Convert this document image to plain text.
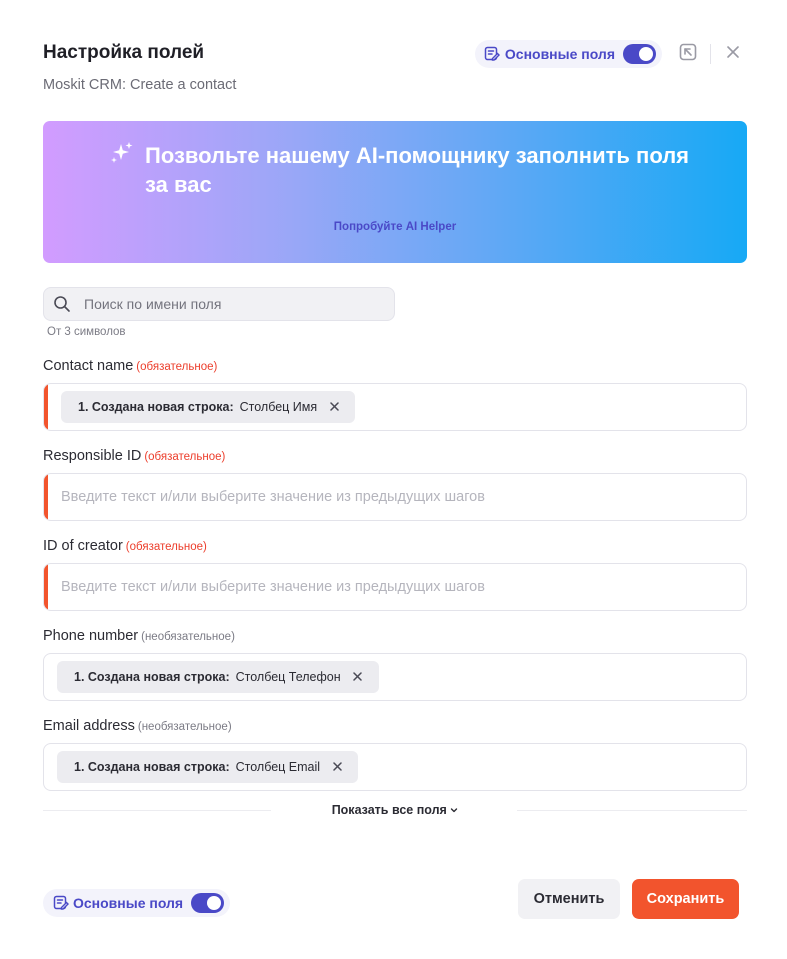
Настройка полей
Moskit CRM: Create a contact
Основные поля
Позвольте нашему AI-помощнику заполнить поля за вас
Попробуйте AI Helper
Поиск по имени поля
От 3 символов
Contact name (обязательное)
1. Создана новая строка: Столбец Имя
Responsible ID (обязательное)
Введите текст и/или выберите значение из предыдущих шагов
ID of creator (обязательное)
Введите текст и/или выберите значение из предыдущих шагов
Phone number (необязательное)
1. Создана новая строка: Столбец Телефон
Email address (необязательное)
1. Создана новая строка: Столбец Email
Показать все поля
Основные поля	Отменить	Сохранить
